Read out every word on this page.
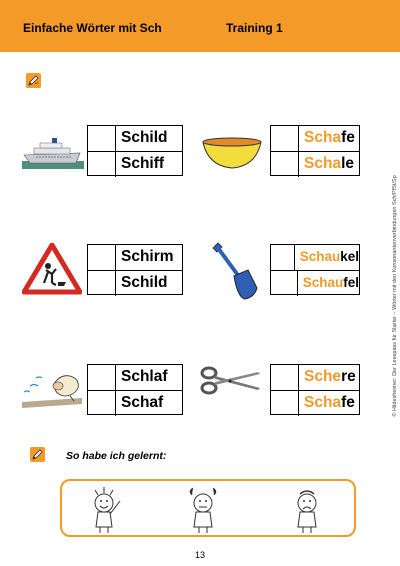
Einfache Wörter mit Sch	Training 1
Schild
Schiff
Schafe
Schale
Schirm
Schild
Schaukel
Schaufel
Schlaf
Schaf
Schere
Schafe
So habe ich gelernt:
13
© Hildesheimer: Der Lesepass für Starter – Wörter mit den Konsonantenverbindungen Sch/PfSt/Sp
